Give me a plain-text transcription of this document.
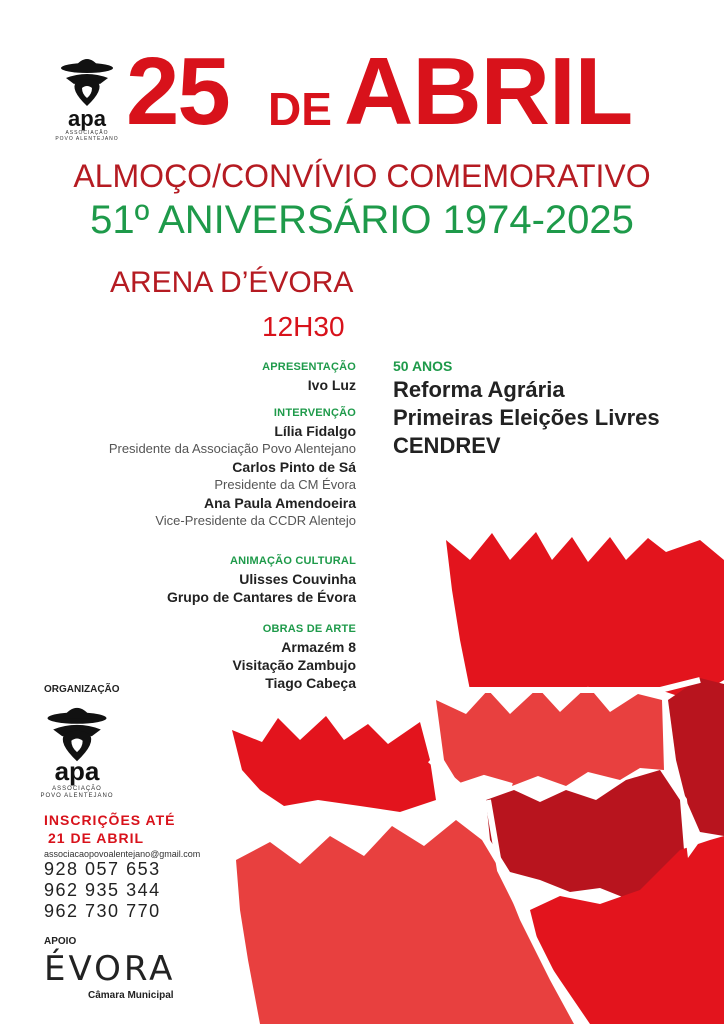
apa
ASSOCIAÇÃO
POVO ALENTEJANO 25 DE ABRIL
ALMOÇO/CONVÍVIO COMEMORATIVO
51º ANIVERSÁRIO 1974-2025
ARENA D’ÉVORA
12H30
APRESENTAÇÃO
Ivo Luz
INTERVENÇÃO
Lília Fidalgo
Presidente da Associação Povo Alentejano
Carlos Pinto de Sá
Presidente da CM Évora
Ana Paula Amendoeira
Vice-Presidente da CCDR Alentejo
ANIMAÇÃO CULTURAL
Ulisses Couvinha
Grupo de Cantares de Évora
OBRAS DE ARTE
Armazém 8
Visitação Zambujo
Tiago Cabeça
50 ANOS
Reforma Agrária
Primeiras Eleições Livres
CENDREV
ORGANIZAÇÃO
apa
ASSOCIAÇÃO
POVO ALENTEJANO
INSCRIÇÕES ATÉ
21 DE ABRIL
associacaopovoalentejano@gmail.com
928 057 653
962 935 344
962 730 770
APOIO
ÉVORA
Câmara Municipal
